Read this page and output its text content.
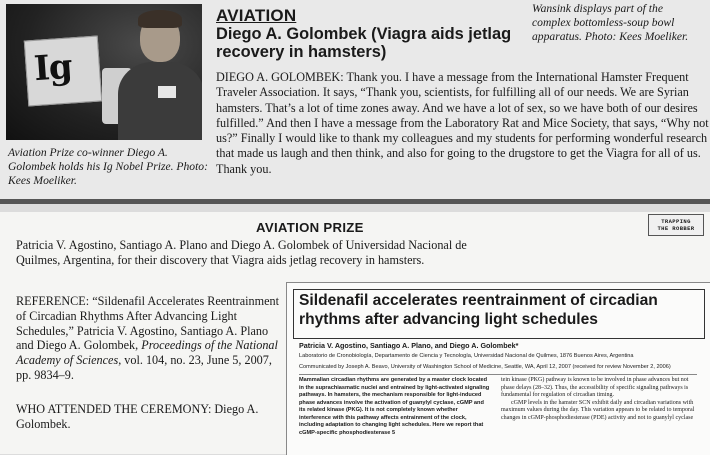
Ig
Aviation Prize co-winner Diego A. Golombek holds his Ig Nobel Prize. Photo: Kees Moeliker.
AVIATION
Diego A. Golombek (Viagra aids jetlag recovery in hamsters)

DIEGO A. GOLOMBEK: Thank you. I have a message from the International Hamster Frequent Traveler Association. It says, “Thank you, scientists, for fulfilling all of our needs. We are Syrian hamsters. That’s a lot of time zones away. And we have a lot of sex, so we have both of our desires fulfilled.” And then I have a message from the Laboratory Rat and Mice Society, that says, “Why not us?” Finally I would like to thank my colleagues and my students for performing wonderful research that made us laugh and then think, and also for going to the drugstore to get the Viagra for all of us. Thank you.

Wansink displays part of the complex bottomless-soup bowl apparatus. Photo: Kees Moeliker.
TRAPPING
THE ROBBER
AVIATION PRIZE

Patricia V. Agostino, Santiago A. Plano and Diego A. Golombek of Universidad Nacional de Quilmes, Argentina, for their discovery that Viagra aids jetlag recovery in hamsters.

REFERENCE: “Sildenafil Accelerates Reentrainment of Circadian Rhythms After Advancing Light Schedules,” Patricia V. Agostino, Santiago A. Plano and Diego A. Golombek, Proceedings of the National Academy of Sciences, vol. 104, no. 23, June 5, 2007, pp. 9834–9.
WHO ATTENDED THE CEREMONY: Diego A. Golombek.
Sildenafil accelerates reentrainment of circadian rhythms after advancing light schedules
Patricia V. Agostino, Santiago A. Plano, and Diego A. Golombek*
Laboratorio de Cronobiología, Departamento de Ciencia y Tecnología, Universidad Nacional de Quilmes, 1876 Buenos Aires, Argentina
Communicated by Joseph A. Beavo, University of Washington School of Medicine, Seattle, WA, April 12, 2007 (received for review November 2, 2006)
Mammalian circadian rhythms are generated by a master clock located in the suprachiasmatic nuclei and entrained by light-activated signaling pathways. In hamsters, the mechanism responsible for light-induced phase advances involve the activation of guanylyl cyclase, cGMP and its related kinase (PKG). It is not completely known whether interference with this pathway affects entrainment of the clock, including adaptation to changing light schedules. Here we report that cGMP-specific phosphodiesterase 5

tein kinase (PKG) pathway is known to be involved in phase advances but not phase delays (28–32). Thus, the accessibility of specific signaling pathways is fundamental for regulation of circadian timing.

cGMP levels in the hamster SCN exhibit daily and circadian variations with maximum values during the day. This variation appears to be related to temporal changes in cGMP-phosphodiesterase (PDE) activity and not to guanylyl cyclase
